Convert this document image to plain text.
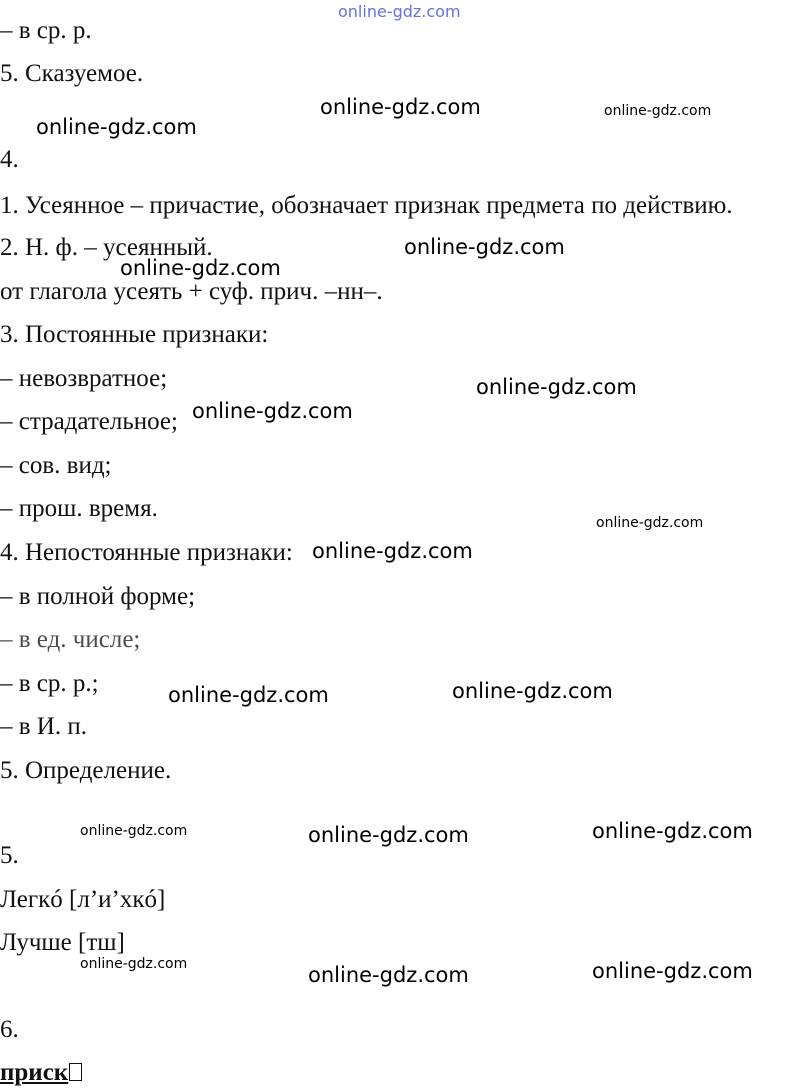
– в ср. р.
5. Сказуемое.
4.
1. Усеянное – причастие, обозначает признак предмета по действию.
2. Н. ф. – усеянный.
от глагола усеять + суф. прич. –нн–.
3. Постоянные признаки:
– невозвратное;
– страдательное;
– сов. вид;
– прош. время.
4. Непостоянные признаки:
– в полной форме;
– в ед. числе;
– в ср. р.;
– в И. п.
5. Определение.
5.
Легкó [л’и’хкó]
Лучше [тш]
6.
приск
online-gdz.com
online-gdz.com	online-gdz.com
online-gdz.com
online-gdz.com
online-gdz.com
online-gdz.com
online-gdz.com
online-gdz.com
online-gdz.com
online-gdz.com
online-gdz.com
online-gdz.com	online-gdz.com	online-gdz.com
online-gdz.com	online-gdz.com	online-gdz.com
